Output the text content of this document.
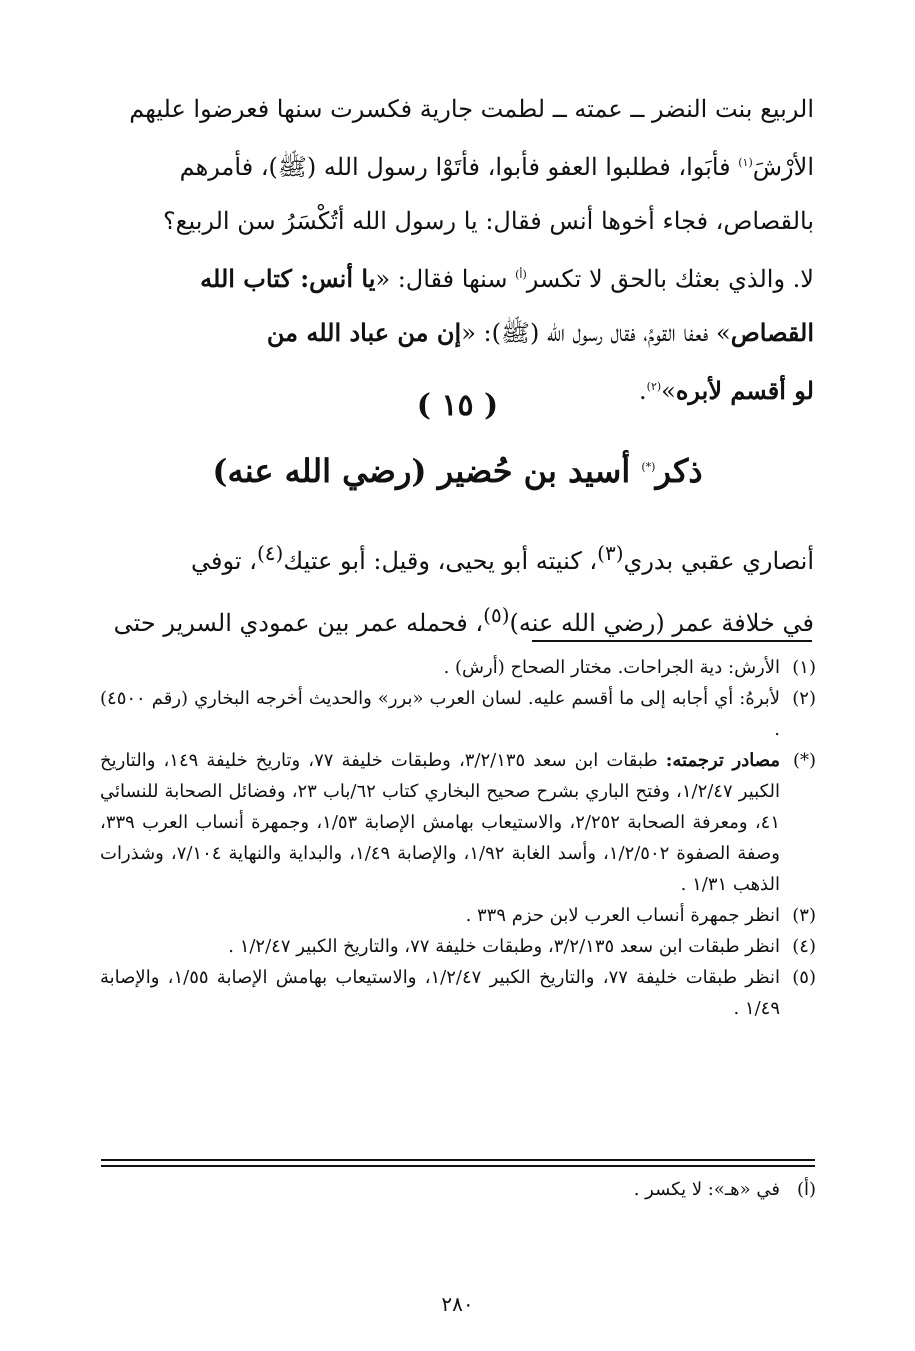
الربيع بنت النضر ــ عمته ــ لطمت جارية فكسرت سنها فعرضوا عليهم

الأرْشَ$^{(١)}$ فأبَوا، فطلبوا العفو فأبوا، فأتَوْا رسول الله (ﷺ)، فأمرهم

بالقصاص، فجاء أخوها أنس فقال: يا رسول الله أتُكْسَرُ سن الربيع؟

لا. والذي بعثك بالحق لا تكسر$^{(أ)}$ سنها فقال: «يا أنس: كتاب الله

القصاص» فعفا القومُ، فقال رسول الله (ﷺ): «إن من عباد الله من

لو أقسم لأبره»$^{(٢)}$.

( ١٥ )
ذكر(*) أسيد بن حُضير (رضي الله عنه)

أنصاري عقبي بدري$^{(٣)}$، كنيته أبو يحيى، وقيل: أبو عتيك$^{(٤)}$، توفي

في خلافة عمر (رضي الله عنه)$^{(٥)}$، فحمله عمر بين عمودي السرير حتى

(١)
الأرش: دية الجراحات. مختار الصحاح (أرش) .
(٢)
لأبرهُ: أي أجابه إلى ما أقسم عليه. لسان العرب «برر» والحديث أخرجه البخاري (رقم ٤٥٠٠) .
(*)
مصادر ترجمته: طبقات ابن سعد ٣/٢/١٣٥، وطبقات خليفة ٧٧، وتاريخ خليفة ١٤٩، والتاريخ الكبير ١/٢/٤٧، وفتح الباري بشرح صحيح البخاري كتاب ٦٢/باب ٢٣، وفضائل الصحابة للنسائي ٤١، ومعرفة الصحابة ٢/٢٥٢، والاستيعاب بهامش الإصابة ١/٥٣، وجمهرة أنساب العرب ٣٣٩، وصفة الصفوة ١/٢/٥٠٢، وأسد الغابة ١/٩٢، والإصابة ١/٤٩، والبداية والنهاية ٧/١٠٤، وشذرات الذهب ١/٣١ .
(٣)
انظر جمهرة أنساب العرب لابن حزم ٣٣٩ .
(٤)
انظر طبقات ابن سعد ٣/٢/١٣٥، وطبقات خليفة ٧٧، والتاريخ الكبير ١/٢/٤٧ .
(٥)
انظر طبقات خليفة ٧٧، والتاريخ الكبير ١/٢/٤٧، والاستيعاب بهامش الإصابة ١/٥٥، والإصابة ١/٤٩ .
(أ)
في «هـ»: لا يكسر .
٢٨٠
